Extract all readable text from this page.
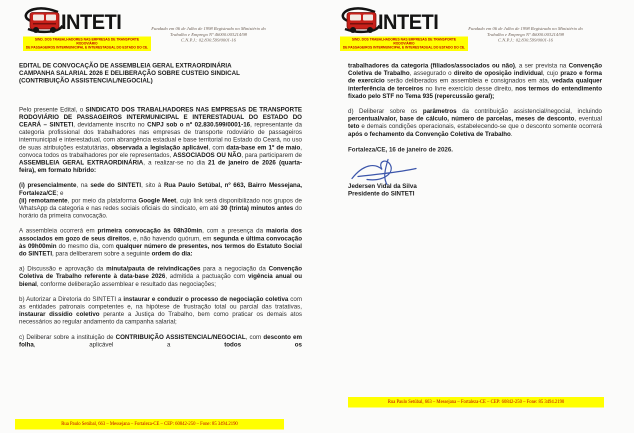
INTETI
SIND. DOS TRABALHADORES NAS EMPRESAS DE TRANSPORTE RODOVIÁRIO
DE PASSAGEIROS INTERMUNICIPAL E INTERESTADUAL DO ESTADO DO CE.
Fundado em 06 de Julho de 1998 Registrado no Ministério do
Trabalho e Emprego Nº 46000.003214/98
C.N.P.J.: 02.830.599/0001-16
EDITAL DE CONVOCAÇÃO DE ASSEMBLEIA GERAL EXTRAORDINÁRIA
CAMPANHA SALARIAL 2026 E DELIBERAÇÃO SOBRE CUSTEIO SINDICAL
(CONTRIBUIÇÃO ASSISTENCIAL/NEGOCIAL)

Pelo presente Edital, o SINDICATO DOS TRABALHADORES NAS EMPRESAS DE TRANSPORTE RODOVIÁRIO DE PASSAGEIROS INTERMUNICIPAL E INTERESTADUAL DO ESTADO DO CEARÁ – SINTETI, devidamente inscrito no CNPJ sob o nº 02.830.599/0001-16, representante da categoria profissional dos trabalhadores nas empresas de transporte rodoviário de passageiros intermunicipal e interestadual, com abrangência estadual e base territorial no Estado do Ceará, no uso de suas atribuições estatutárias, observada a legislação aplicável, com data-base em 1º de maio, convoca todos os trabalhadores por ele representados, ASSOCIADOS OU NÃO, para participarem de ASSEMBLEIA GERAL EXTRAORDINÁRIA, a realizar-se no dia 21 de janeiro de 2026 (quarta-feira), em formato híbrido:

(i) presencialmente, na sede do SINTETI, sito à Rua Paulo Setúbal, nº 663, Bairro Messejana, Fortaleza/CE; e

(ii) remotamente, por meio da plataforma Google Meet, cujo link será disponibilizado nos grupos de WhatsApp da categoria e nas redes sociais oficiais do sindicato, em até 30 (trinta) minutos antes do horário da primeira convocação.

A assembleia ocorrerá em primeira convocação às 08h30min, com a presença da maioria dos associados em gozo de seus direitos, e, não havendo quórum, em segunda e última convocação às 09h00min do mesmo dia, com qualquer número de presentes, nos termos do Estatuto Social do SINTETI, para deliberarem sobre a seguinte ordem do dia:

a) Discussão e aprovação da minuta/pauta de reivindicações para a negociação da Convenção Coletiva de Trabalho referente à data-base 2026, admitida a pactuação com vigência anual ou bienal, conforme deliberação assemblear e resultado das negociações;

b) Autorizar a Diretoria do SINTETI a instaurar e conduzir o processo de negociação coletiva com as entidades patronais competentes e, na hipótese de frustração total ou parcial das tratativas, instaurar dissídio coletivo perante a Justiça do Trabalho, bem como praticar os demais atos necessários ao regular andamento da campanha salarial;

c) Deliberar sobre a instituição de CONTRIBUIÇÃO ASSISTENCIAL/NEGOCIAL, com desconto em folha, aplicável a todos os

Rua Paulo Setúbal, 663 – Messejana – Fortaleza-CE – CEP: 60842-250 – Fone: 85 3494.2190
INTETI
SIND. DOS TRABALHADORES NAS EMPRESAS DE TRANSPORTE RODOVIÁRIO
DE PASSAGEIROS INTERMUNICIPAL E INTERESTADUAL DO ESTADO DO CE.
Fundado em 06 de Julho de 1998 Registrado no Ministério do
Trabalho e Emprego Nº 46000.003214/98
C.N.P.J.: 02.830.599/0001-16

trabalhadores da categoria (filiados/associados ou não), a ser prevista na Convenção Coletiva de Trabalho, assegurado o direito de oposição individual, cujo prazo e forma de exercício serão deliberados em assembleia e consignados em ata, vedada qualquer interferência de terceiros no livre exercício desse direito, nos termos do entendimento fixado pelo STF no Tema 935 (repercussão geral);

d) Deliberar sobre os parâmetros da contribuição assistencial/negocial, incluindo percentual/valor, base de cálculo, número de parcelas, meses de desconto, eventual teto e demais condições operacionais, estabelecendo-se que o desconto somente ocorrerá após o fechamento da Convenção Coletiva de Trabalho.

Fortaleza/CE, 16 de janeiro de 2026.
Jedersen Vidal da Silva
Presidente do SINTETI
Rua Paulo Setúbal, 663 – Messejana – Fortaleza-CE – CEP: 60842-250 – Fone: 85 3494.2190
